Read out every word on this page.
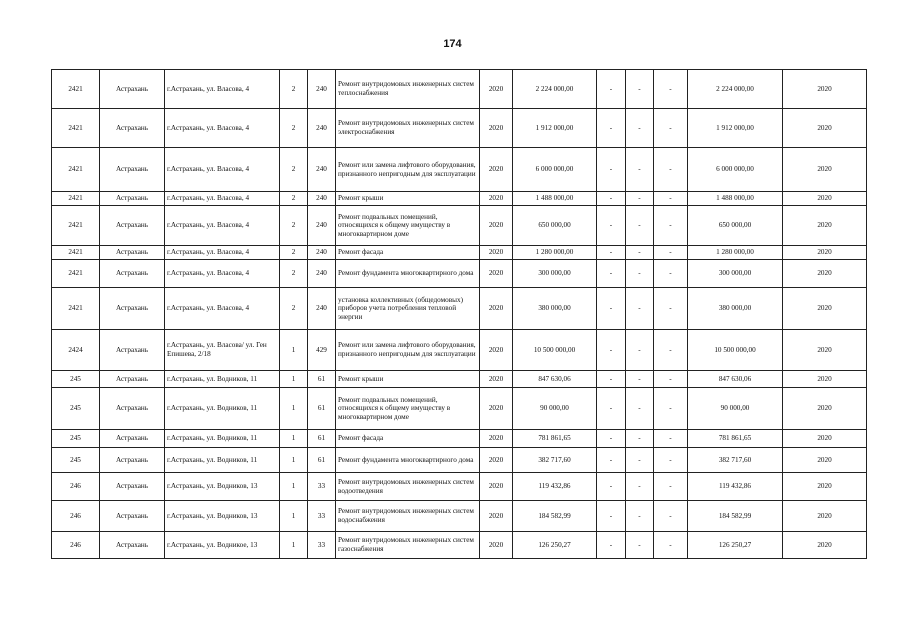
174
2421	Астрахань	г.Астрахань, ул. Власова, 4	2	240	Ремонт внутридомовых инженерных систем теплоснабжения	2020	2 224 000,00	-	-	-	2 224 000,00	2020
2421	Астрахань	г.Астрахань, ул. Власова, 4	2	240	Ремонт внутридомовых инженерных систем электроснабжения	2020	1 912 000,00	-	-	-	1 912 000,00	2020
2421	Астрахань	г.Астрахань, ул. Власова, 4	2	240	Ремонт или замена лифтового оборудования, признанного непригодным для эксплуатации	2020	6 000 000,00	-	-	-	6 000 000,00	2020
2421	Астрахань	г.Астрахань, ул. Власова, 4	2	240	Ремонт крыши	2020	1 488 000,00	-	-	-	1 488 000,00	2020
2421	Астрахань	г.Астрахань, ул. Власова, 4	2	240	Ремонт подвальных помещений, относящихся к общему имуществу в многоквартирном доме	2020	650 000,00	-	-	-	650 000,00	2020
2421	Астрахань	г.Астрахань, ул. Власова, 4	2	240	Ремонт фасада	2020	1 280 000,00	-	-	-	1 280 000,00	2020
2421	Астрахань	г.Астрахань, ул. Власова, 4	2	240	Ремонт фундамента многоквартирного дома	2020	300 000,00	-	-	-	300 000,00	2020
2421	Астрахань	г.Астрахань, ул. Власова, 4	2	240	установка коллективных (общедомовых) приборов учета потребления тепловой энергии	2020	380 000,00	-	-	-	380 000,00	2020
2424	Астрахань	г.Астрахань, ул. Власова/ ул. Ген Епишева, 2/18	1	429	Ремонт или замена лифтового оборудования, признанного непригодным для эксплуатации	2020	10 500 000,00	-	-	-	10 500 000,00	2020
245	Астрахань	г.Астрахань, ул. Водников, 11	1	61	Ремонт крыши	2020	847 630,06	-	-	-	847 630,06	2020
245	Астрахань	г.Астрахань, ул. Водников, 11	1	61	Ремонт подвальных помещений, относящихся к общему имуществу в многоквартирном доме	2020	90 000,00	-	-	-	90 000,00	2020
245	Астрахань	г.Астрахань, ул. Водников, 11	1	61	Ремонт фасада	2020	781 861,65	-	-	-	781 861,65	2020
245	Астрахань	г.Астрахань, ул. Водников, 11	1	61	Ремонт фундамента многоквартирного дома	2020	382 717,60	-	-	-	382 717,60	2020
246	Астрахань	г.Астрахань, ул. Водников, 13	1	33	Ремонт внутридомовых инженерных систем водоотведения	2020	119 432,86	-	-	-	119 432,86	2020
246	Астрахань	г.Астрахань, ул. Водников, 13	1	33	Ремонт внутридомовых инженерных систем водоснабжения	2020	184 582,99	-	-	-	184 582,99	2020
246	Астрахань	г.Астрахань, ул. Водникое, 13	1	33	Ремонт внутридомовых инженерных систем газоснабжения	2020	126 250,27	-	-	-	126 250,27	2020
